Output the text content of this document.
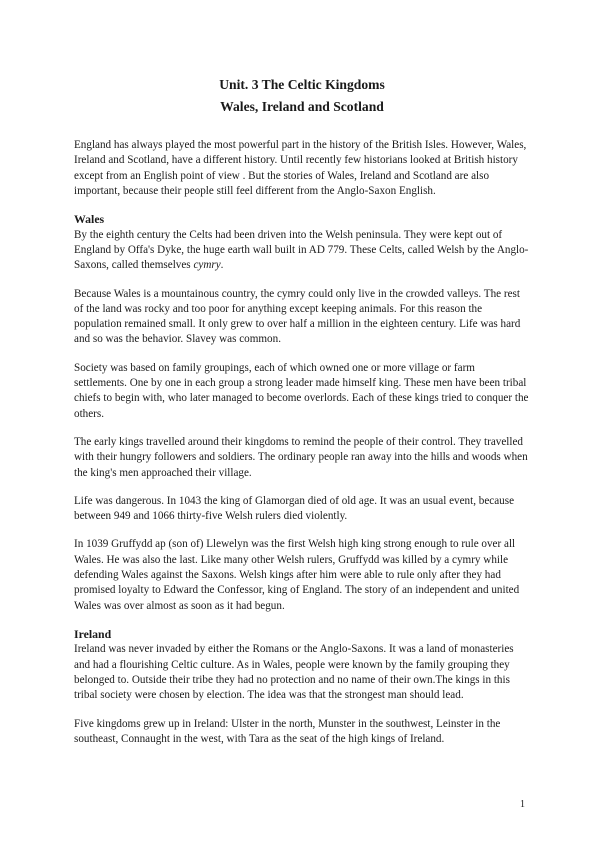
Unit. 3 The Celtic Kingdoms
Wales, Ireland and Scotland

England has always played the most powerful part in the history of the British Isles. However, Wales, Ireland and Scotland, have a different history. Until recently few historians looked at British history except from an English point of view . But the stories of Wales, Ireland and Scotland are also important, because their people still feel different from the Anglo-Saxon English.

Wales

By the eighth century the Celts had been driven into the Welsh peninsula. They were kept out of England by Offa's Dyke, the huge earth wall built in AD 779. These Celts, called Welsh by the Anglo-Saxons, called themselves cymry.

Because Wales is a mountainous country, the cymry could only live in the crowded valleys. The rest of the land was rocky and too poor for anything except keeping animals. For this reason the population remained small. It only grew to over half a million in the eighteen century. Life was hard and so was the behavior. Slavey was common.

Society was based on family groupings, each of which owned one or more village or farm settlements. One by one in each group a strong leader made himself king. These men have been tribal chiefs to begin with, who later managed to become overlords. Each of these kings tried to conquer the others.

The early kings travelled around their kingdoms to remind the people of their control. They travelled with their hungry followers and soldiers. The ordinary people ran away into the hills and woods when the king's men approached their village.

Life was dangerous. In 1043 the king of Glamorgan died of old age. It was an usual event, because between 949 and 1066 thirty-five Welsh rulers died violently.

In 1039 Gruffydd ap (son of) Llewelyn was the first Welsh high king strong enough to rule over all Wales. He was also the last. Like many other Welsh rulers, Gruffydd was killed by a cymry while defending Wales against the Saxons. Welsh kings after him were able to rule only after they had promised loyalty to Edward the Confessor, king of England. The story of an independent and united Wales was over almost as soon as it had begun.

Ireland

Ireland was never invaded by either the Romans or the Anglo-Saxons. It was a land of monasteries and had a flourishing Celtic culture. As in Wales, people were known by the family grouping they belonged to. Outside their tribe they had no protection and no name of their own.The kings in this tribal society were chosen by election. The idea was that the strongest man should lead.

Five kingdoms grew up in Ireland: Ulster in the north, Munster in the southwest, Leinster in the southeast, Connaught in the west, with Tara as the seat of the high kings of Ireland.

1
